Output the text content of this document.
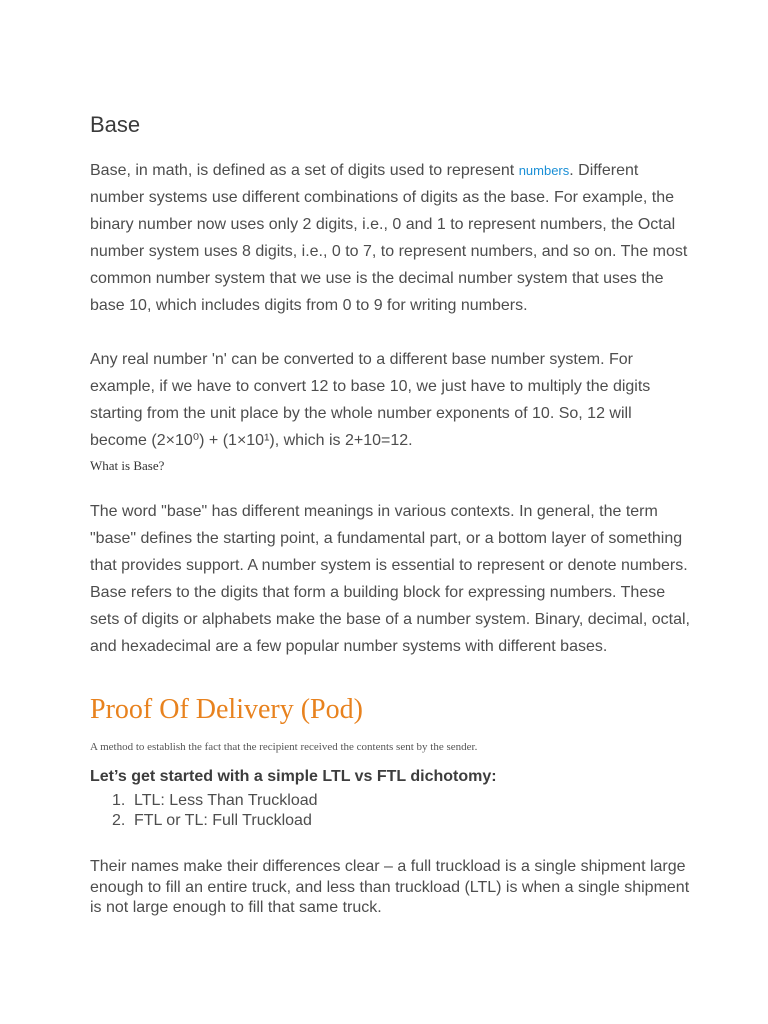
Base

Base, in math, is defined as a set of digits used to represent numbers. Different number systems use different combinations of digits as the base. For example, the binary number now uses only 2 digits, i.e., 0 and 1 to represent numbers, the Octal number system uses 8 digits, i.e., 0 to 7, to represent numbers, and so on. The most common number system that we use is the decimal number system that uses the base 10, which includes digits from 0 to 9 for writing numbers.

Any real number 'n' can be converted to a different base number system. For example, if we have to convert 12 to base 10, we just have to multiply the digits starting from the unit place by the whole number exponents of 10. So, 12 will become (2×10⁰) + (1×10¹), which is 2+10=12.

What is Base?

The word "base" has different meanings in various contexts. In general, the term "base" defines the starting point, a fundamental part, or a bottom layer of something that provides support. A number system is essential to represent or denote numbers. Base refers to the digits that form a building block for expressing numbers. These sets of digits or alphabets make the base of a number system. Binary, decimal, octal, and hexadecimal are a few popular number systems with different bases.

Proof Of Delivery (Pod)

A method to establish the fact that the recipient received the contents sent by the sender.

Let’s get started with a simple LTL vs FTL dichotomy:

1. LTL: Less Than Truckload
2. FTL or TL: Full Truckload

Their names make their differences clear – a full truckload is a single shipment large enough to fill an entire truck, and less than truckload (LTL) is when a single shipment is not large enough to fill that same truck.
